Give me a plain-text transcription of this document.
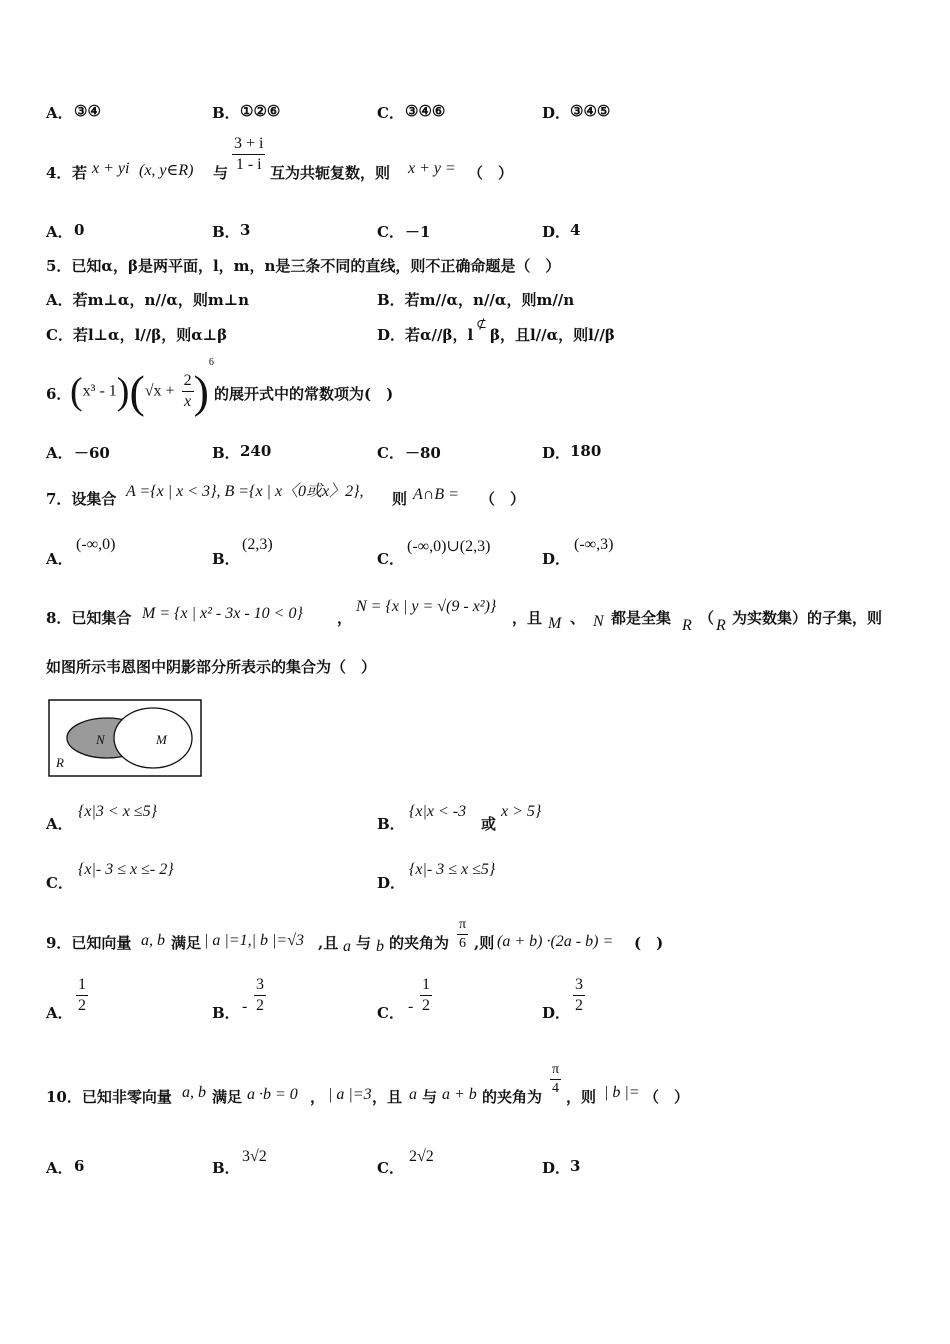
A． ③④	B． ①②⑥	C． ③④⑥	D． ③④⑤
4． 若 x + yi (x, y∈R) 与 $\frac{3 + i}{1 - i}$ 互为共轭复数，则 x + y = （　）
A． 0	B． 3	C． －1	D． 4
5．已知α，β是两平面，l，m，n是三条不同的直线，则不正确命题是（　）
A．若m⊥α，n//α，则m⊥n	B．若m//α，n//α，则m//n
C．若l⊥α，l//β，则α⊥β	D．若α//β，l
⊄
β，且l//α，则l//β
6．
$(x^3 - 1)(√x + \frac{2}{x} )^6$
的展开式中的常数项为(　)
A． －60	B． 240	C． －80	D． 180
7．设集合 A ={x | x < 3}, B ={x | x〈0或x〉2}, 则 A∩B = （　）
A．
(-∞,0)
B．
(2,3)
C．
(-∞,0)∪(2,3)
D．
(-∞,3)
8．已知集合 M = {x | x² - 3x - 10 < 0} ，
N = {x | y = √(9 - x²)}
，且 M 、 N 都是全集 R （ R 为实数集）的子集，则
如图所示韦恩图中阴影部分所表示的集合为（　）
N	M
R
A．
{x|3 < x ≤5}
B．
{x|x < -3
或
x > 5}
C．
{x|- 3 ≤ x ≤- 2}
D．
{x|- 3 ≤ x ≤5}
9．已知向量 a, b 满足 | a |=1,| b |=√3 ,且 a 与 b 的夹角为 $\frac{\pi}{6}$ ,则 (a + b) ·(2a - b) = (　)
A． $\frac{1}{2}$	B． - $\frac{3}{2}$	C． - $\frac{1}{2}$	D． $\frac{3}{2}$
10．已知非零向量 a, b 满足 a ·b = 0 ， | a |=3 ，且 a 与 a + b 的夹角为
$\frac{\pi}{4}$
，则 | b |= （　）
A． 6	B．
3√2
C．
2√2
D． 3
